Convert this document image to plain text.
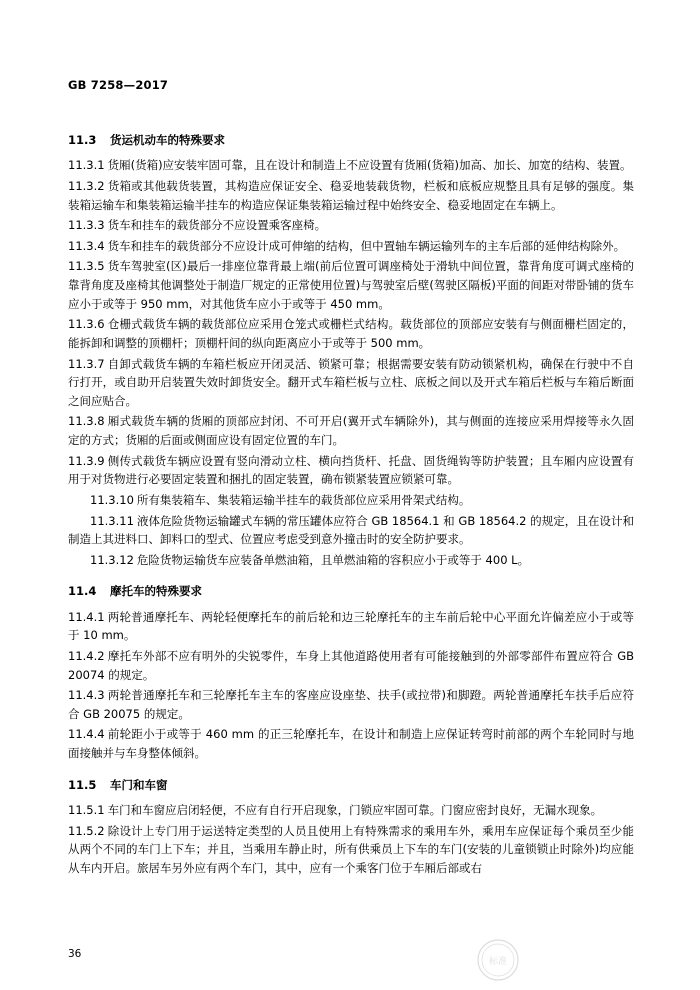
GB 7258—2017
11.3 货运机动车的特殊要求

11.3.1 货厢(货箱)应安装牢固可靠，且在设计和制造上不应设置有货厢(货箱)加高、加长、加宽的结构、装置。

11.3.2 货箱或其他载货装置，其构造应保证安全、稳妥地装载货物，栏板和底板应规整且具有足够的强度。集装箱运输车和集装箱运输半挂车的构造应保证集装箱运输过程中始终安全、稳妥地固定在车辆上。

11.3.3 货车和挂车的载货部分不应设置乘客座椅。

11.3.4 货车和挂车的载货部分不应设计成可伸缩的结构，但中置轴车辆运输列车的主车后部的延伸结构除外。

11.3.5 货车驾驶室(区)最后一排座位靠背最上端(前后位置可调座椅处于滑轨中间位置，靠背角度可调式座椅的靠背角度及座椅其他调整处于制造厂规定的正常使用位置)与驾驶室后壁(驾驶区隔板)平面的间距对带卧铺的货车应小于或等于 950 mm，对其他货车应小于或等于 450 mm。

11.3.6 仓栅式载货车辆的载货部位应采用仓笼式或栅栏式结构。载货部位的顶部应安装有与侧面栅栏固定的，能拆卸和调整的顶棚杆；顶棚杆间的纵向距离应小于或等于 500 mm。

11.3.7 自卸式载货车辆的车箱栏板应开闭灵活、锁紧可靠；根据需要安装有防动锁紧机构，确保在行驶中不自行打开，或自助开启装置失效时卸货安全。翻开式车箱栏板与立柱、底板之间以及开式车箱后栏板与车箱后断面之间应贴合。

11.3.8 厢式载货车辆的货厢的顶部应封闭、不可开启(翼开式车辆除外)，其与侧面的连接应采用焊接等永久固定的方式；货厢的后面或侧面应设有固定位置的车门。

11.3.9 侧传式载货车辆应设置有竖向滑动立柱、横向挡货杆、托盘、固货绳钩等防护装置；且车厢内应设置有用于对货物进行必要固定装置和捆扎的固定装置，确布锁紧装置应锁紧可靠。

11.3.10 所有集装箱车、集装箱运输半挂车的载货部位应采用骨架式结构。

11.3.11 液体危险货物运输罐式车辆的常压罐体应符合 GB 18564.1 和 GB 18564.2 的规定，且在设计和制造上其进料口、卸料口的型式、位置应考虑受到意外撞击时的安全防护要求。

11.3.12 危险货物运输货车应装备单燃油箱，且单燃油箱的容积应小于或等于 400 L。

11.4 摩托车的特殊要求

11.4.1 两轮普通摩托车、两轮轻便摩托车的前后轮和边三轮摩托车的主车前后轮中心平面允许偏差应小于或等于 10 mm。

11.4.2 摩托车外部不应有明外的尖锐零件，车身上其他道路使用者有可能接触到的外部零部件布置应符合 GB 20074 的规定。

11.4.3 两轮普通摩托车和三轮摩托车主车的客座应设座垫、扶手(或拉带)和脚蹬。两轮普通摩托车扶手后应符合 GB 20075 的规定。

11.4.4 前轮距小于或等于 460 mm 的正三轮摩托车，在设计和制造上应保证转弯时前部的两个车轮同时与地面接触并与车身整体倾斜。

11.5 车门和车窗

11.5.1 车门和车窗应启闭轻便，不应有自行开启现象，门锁应牢固可靠。门窗应密封良好，无漏水现象。

11.5.2 除设计上专门用于运送特定类型的人员且使用上有特殊需求的乘用车外，乘用车应保证每个乘员至少能从两个不同的车门上下车；并且，当乘用车静止时，所有供乘员上下车的车门(安装的儿童锁锁止时除外)均应能从车内开启。旅居车另外应有两个车门，其中，应有一个乘客门位于车厢后部或右

36
标准
